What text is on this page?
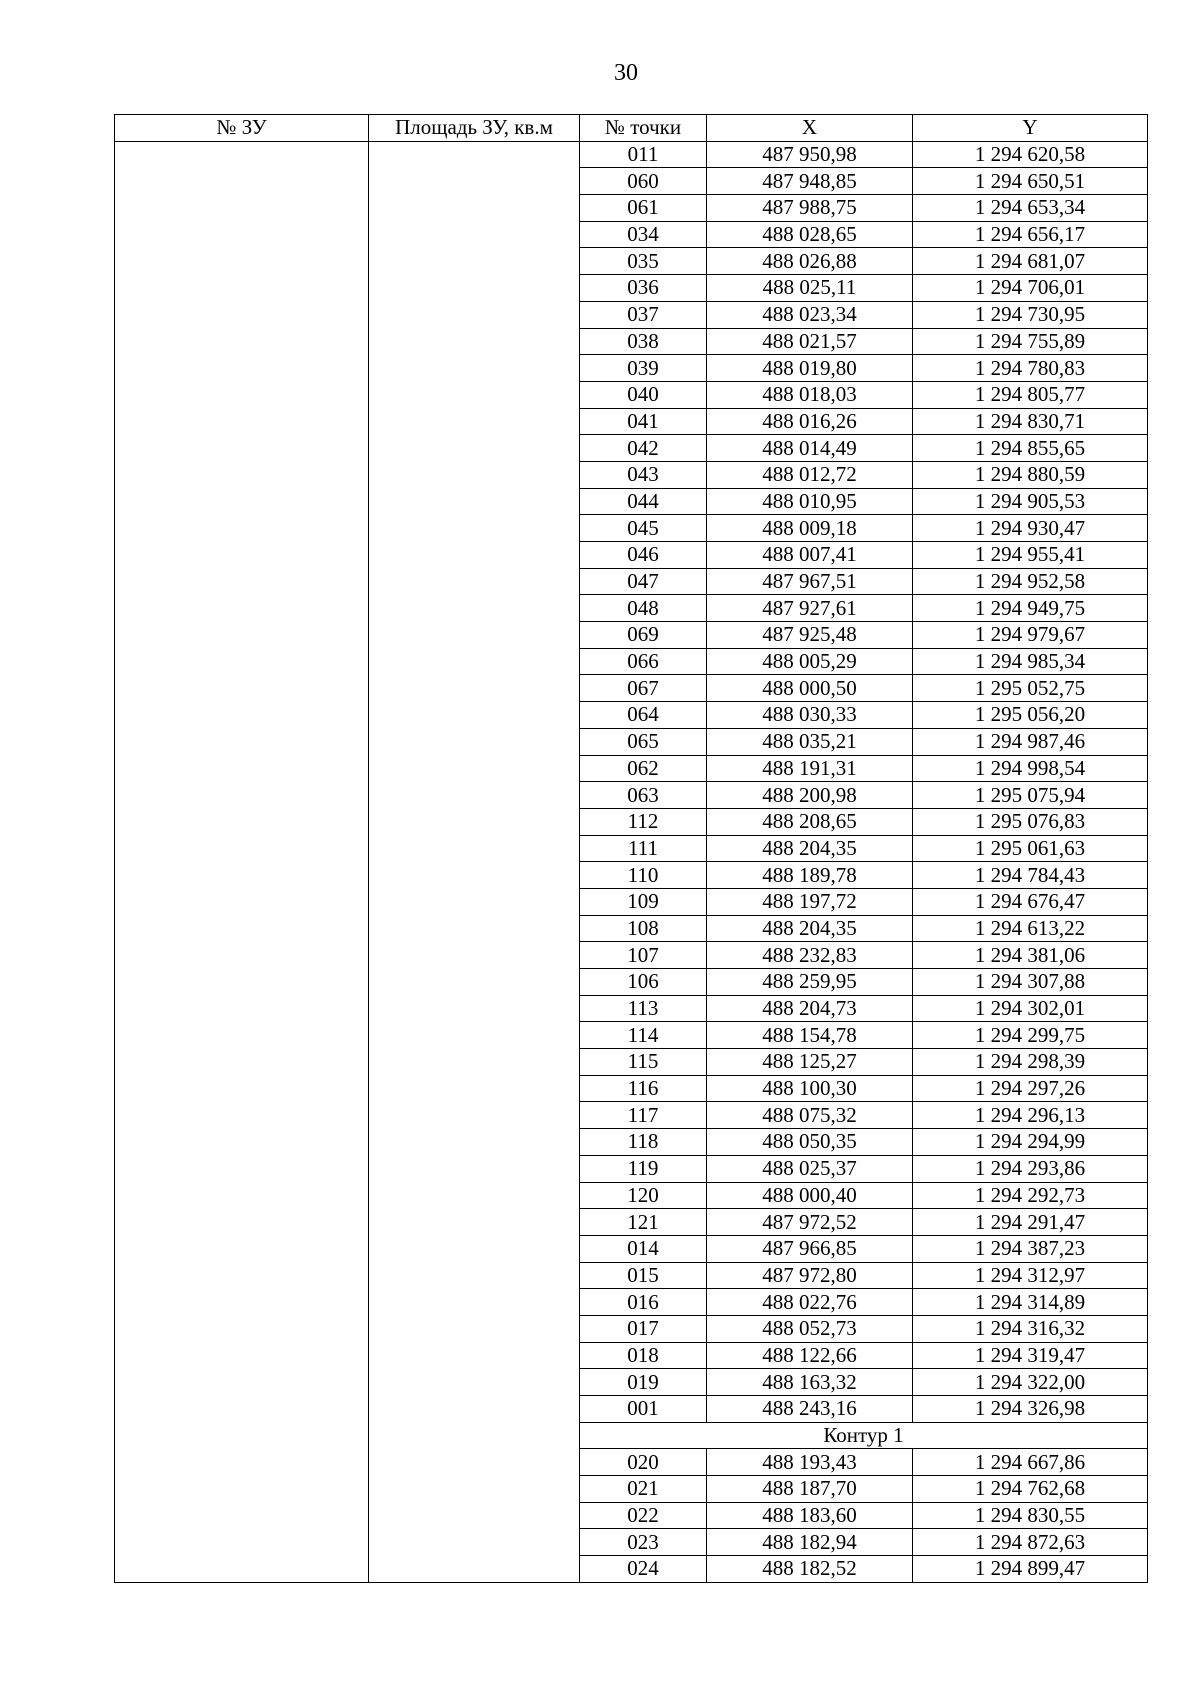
30
№ ЗУ	Площадь ЗУ, кв.м	№ точки	X	Y
		011	487 950,98	1 294 620,58
		060	487 948,85	1 294 650,51
		061	487 988,75	1 294 653,34
		034	488 028,65	1 294 656,17
		035	488 026,88	1 294 681,07
		036	488 025,11	1 294 706,01
		037	488 023,34	1 294 730,95
		038	488 021,57	1 294 755,89
		039	488 019,80	1 294 780,83
		040	488 018,03	1 294 805,77
		041	488 016,26	1 294 830,71
		042	488 014,49	1 294 855,65
		043	488 012,72	1 294 880,59
		044	488 010,95	1 294 905,53
		045	488 009,18	1 294 930,47
		046	488 007,41	1 294 955,41
		047	487 967,51	1 294 952,58
		048	487 927,61	1 294 949,75
		069	487 925,48	1 294 979,67
		066	488 005,29	1 294 985,34
		067	488 000,50	1 295 052,75
		064	488 030,33	1 295 056,20
		065	488 035,21	1 294 987,46
		062	488 191,31	1 294 998,54
		063	488 200,98	1 295 075,94
		112	488 208,65	1 295 076,83
		111	488 204,35	1 295 061,63
		110	488 189,78	1 294 784,43
		109	488 197,72	1 294 676,47
		108	488 204,35	1 294 613,22
		107	488 232,83	1 294 381,06
		106	488 259,95	1 294 307,88
		113	488 204,73	1 294 302,01
		114	488 154,78	1 294 299,75
		115	488 125,27	1 294 298,39
		116	488 100,30	1 294 297,26
		117	488 075,32	1 294 296,13
		118	488 050,35	1 294 294,99
		119	488 025,37	1 294 293,86
		120	488 000,40	1 294 292,73
		121	487 972,52	1 294 291,47
		014	487 966,85	1 294 387,23
		015	487 972,80	1 294 312,97
		016	488 022,76	1 294 314,89
		017	488 052,73	1 294 316,32
		018	488 122,66	1 294 319,47
		019	488 163,32	1 294 322,00
		001	488 243,16	1 294 326,98
		Контур 1		
		020	488 193,43	1 294 667,86
		021	488 187,70	1 294 762,68
		022	488 183,60	1 294 830,55
		023	488 182,94	1 294 872,63
		024	488 182,52	1 294 899,47
